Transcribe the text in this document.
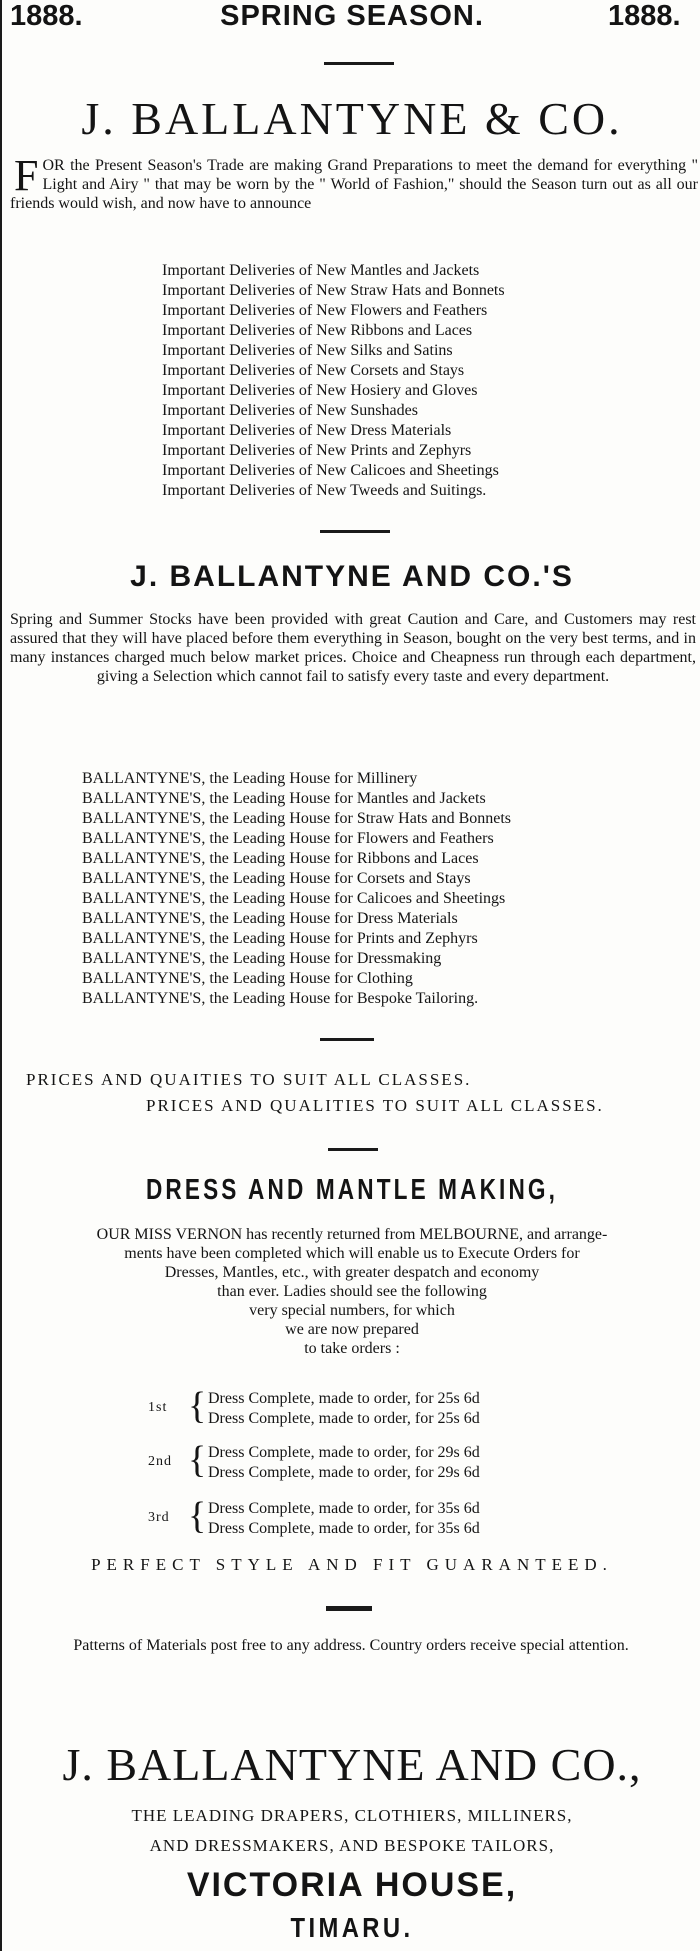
1888.	SPRING SEASON.	1888.
J. BALLANTYNE & CO.
FOR the Present Season's Trade are making Grand Preparations to meet the demand for everything " Light and Airy " that may be worn by the " World of Fashion," should the Season turn out as all our friends would wish, and now have to announce
Important Deliveries of New Mantles and Jackets
Important Deliveries of New Straw Hats and Bonnets
Important Deliveries of New Flowers and Feathers
Important Deliveries of New Ribbons and Laces
Important Deliveries of New Silks and Satins
Important Deliveries of New Corsets and Stays
Important Deliveries of New Hosiery and Gloves
Important Deliveries of New Sunshades
Important Deliveries of New Dress Materials
Important Deliveries of New Prints and Zephyrs
Important Deliveries of New Calicoes and Sheetings
Important Deliveries of New Tweeds and Suitings.
J. BALLANTYNE AND CO.'S
Spring and Summer Stocks have been provided with great Caution and Care, and Customers may rest assured that they will have placed before them everything in Season, bought on the very best terms, and in many instances charged much below market prices. Choice and Cheapness run through each department, giving a Selection which cannot fail to satisfy every taste and every department.
BALLANTYNE'S, the Leading House for Millinery
BALLANTYNE'S, the Leading House for Mantles and Jackets
BALLANTYNE'S, the Leading House for Straw Hats and Bonnets
BALLANTYNE'S, the Leading House for Flowers and Feathers
BALLANTYNE'S, the Leading House for Ribbons and Laces
BALLANTYNE'S, the Leading House for Corsets and Stays
BALLANTYNE'S, the Leading House for Calicoes and Sheetings
BALLANTYNE'S, the Leading House for Dress Materials
BALLANTYNE'S, the Leading House for Prints and Zephyrs
BALLANTYNE'S, the Leading House for Dressmaking
BALLANTYNE'S, the Leading House for Clothing
BALLANTYNE'S, the Leading House for Bespoke Tailoring.
PRICES AND QUAITIES TO SUIT ALL CLASSES.
PRICES AND QUALITIES TO SUIT ALL CLASSES.
DRESS AND MANTLE MAKING,
OUR MISS VERNON has recently returned from MELBOURNE, and arrange-
ments have been completed which will enable us to Execute Orders for
Dresses, Mantles, etc., with greater despatch and economy
than ever. Ladies should see the following
very special numbers, for which
we are now prepared
to take orders :
1st { Dress Complete, made to order, for 25s 6d
Dress Complete, made to order, for 25s 6d
2nd { Dress Complete, made to order, for 29s 6d
Dress Complete, made to order, for 29s 6d
3rd { Dress Complete, made to order, for 35s 6d
Dress Complete, made to order, for 35s 6d
PERFECT STYLE AND FIT GUARANTEED.
Patterns of Materials post free to any address. Country orders receive special attention.
J. BALLANTYNE AND CO.,
THE LEADING DRAPERS, CLOTHIERS, MILLINERS,
AND DRESSMAKERS, AND BESPOKE TAILORS,
VICTORIA HOUSE,
TIMARU.
